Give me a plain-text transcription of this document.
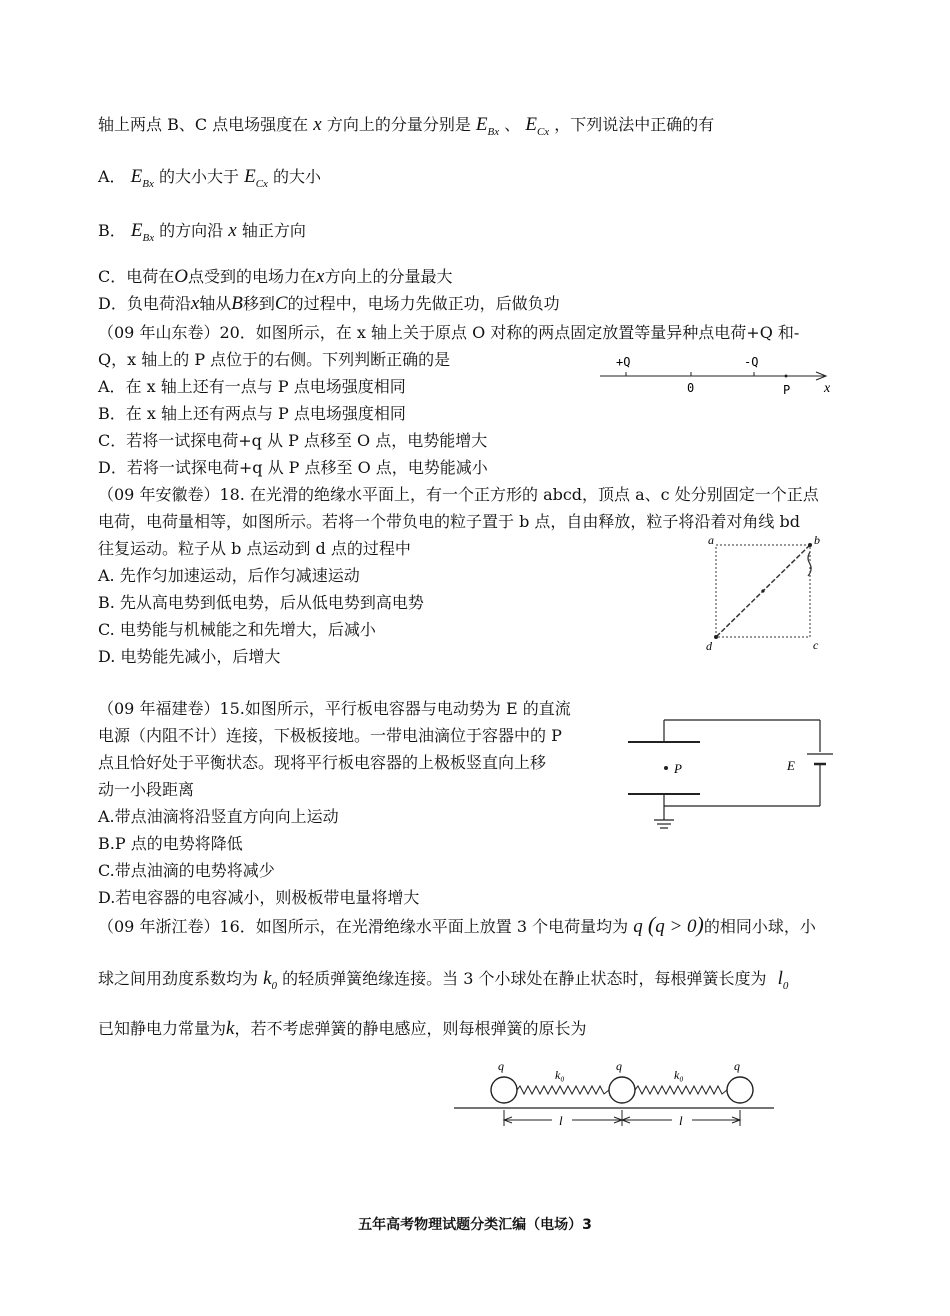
轴上两点 B、C 点电场强度在 x 方向上的分量分别是 $E_{Bx}$ 、 $E_{Cx}$ ，下列说法中正确的有
A． $E_{Bx}$ 的大小大于 $E_{Cx}$ 的大小
B． $E_{Bx}$ 的方向沿 x 轴正方向
C．电荷在O点受到的电场力在x方向上的分量最大
D．负电荷沿x轴从B移到C的过程中，电场力先做正功，后做负功
（09 年山东卷）20．如图所示，在 x 轴上关于原点 O 对称的两点固定放置等量异种点电荷+Q 和-
Q，x 轴上的 P 点位于的右侧。下列判断正确的是
A．在 x 轴上还有一点与 P 点电场强度相同
B．在 x 轴上还有两点与 P 点电场强度相同
C．若将一试探电荷+q 从 P 点移至 O 点，电势能增大
D．若将一试探电荷+q 从 P 点移至 O 点，电势能减小
+Q	-Q
0	P x
（09 年安徽卷）18. 在光滑的绝缘水平面上，有一个正方形的 abcd，顶点 a、c 处分别固定一个正点
电荷，电荷量相等，如图所示。若将一个带负电的粒子置于 b 点，自由释放，粒子将沿着对角线 bd
往复运动。粒子从 b 点运动到 d 点的过程中
A. 先作匀加速运动，后作匀减速运动
B. 先从高电势到低电势，后从低电势到高电势
C. 电势能与机械能之和先增大，后减小
D. 电势能先减小，后增大
a	b
c
d
（09 年福建卷）15.如图所示，平行板电容器与电动势为 E 的直流
电源（内阻不计）连接，下极板接地。一带电油滴位于容器中的 P
点且恰好处于平衡状态。现将平行板电容器的上极板竖直向上移
动一小段距离
A.带点油滴将沿竖直方向向上运动
B.P 点的电势将降低
C.带点油滴的电势将减少
D.若电容器的电容减小，则极板带电量将增大
P	E
（09 年浙江卷）16．如图所示，在光滑绝缘水平面上放置 3 个电荷量均为 q (q > 0)的相同小球，小
球之间用劲度系数均为 $k_0$ 的轻质弹簧绝缘连接。当 3 个小球处在静止状态时，每根弹簧长度为 $l_0$
已知静电力常量为k，若不考虑弹簧的静电感应，则每根弹簧的原长为
q	q	q
k₀	k₀
l	l
五年高考物理试题分类汇编（电场）3
